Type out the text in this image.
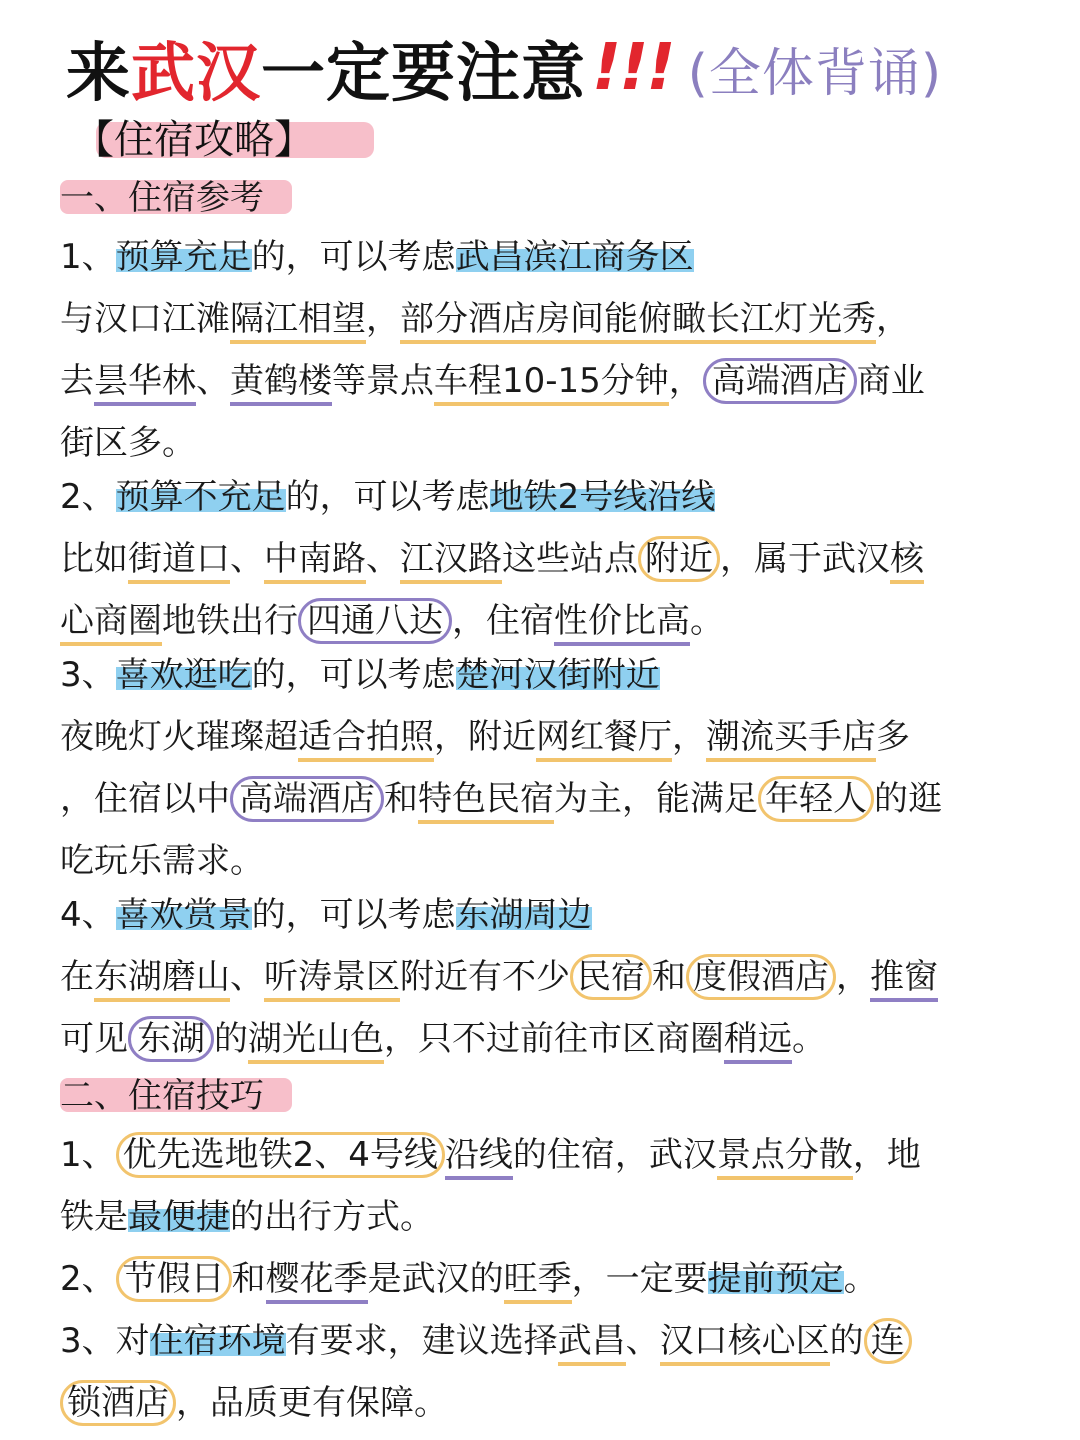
来 武汉 一定要注意 !!! (全体背诵)
【住宿攻略】
一、住宿参考
1、预算充足的，可以考虑武昌滨江商务区
与汉口江滩隔江相望，部分酒店房间能俯瞰长江灯光秀，
去昙华林、黄鹤楼等景点车程10-15分钟， 高端酒店 商业
街区多。
2、预算不充足的，可以考虑地铁2号线沿线
比如街道口、中南路、江汉路这些站点 附近 ，属于武汉核
心商圈地铁出行 四通八达 ，住宿性价比高。
3、喜欢逛吃的，可以考虑楚河汉街附近
夜晚灯火璀璨超适合拍照，附近网红餐厅，潮流买手店多
，住宿以中 高端酒店 和特色民宿为主，能满足 年轻人 的逛
吃玩乐需求。
4、喜欢赏景的，可以考虑东湖周边
在东湖磨山、听涛景区附近有不少 民宿 和 度假酒店 ，推窗
可见 东湖 的湖光山色，只不过前往市区商圈稍远。
二、住宿技巧
1、 优先选地铁2、4号线 沿线的住宿，武汉景点分散，地
铁是最便捷的出行方式。
2、 节假日 和樱花季是武汉的旺季，一定要提前预定。
3、对住宿环境有要求，建议选择武昌、汉口核心区的 连
锁酒店 ，品质更有保障。
